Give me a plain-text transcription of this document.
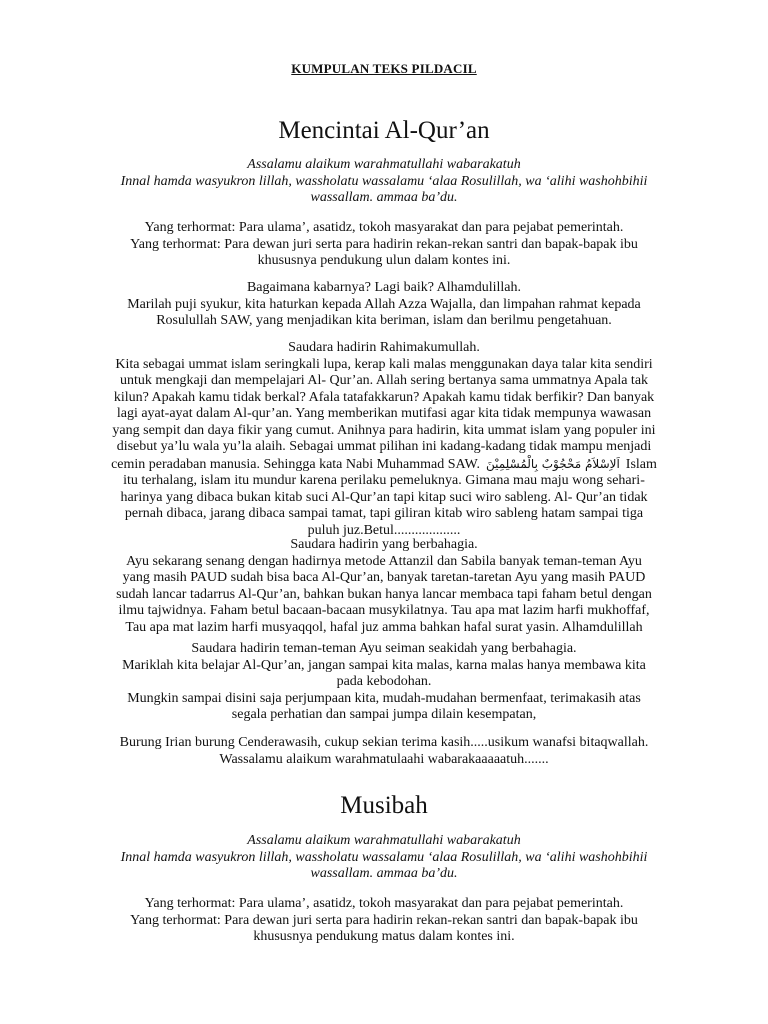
KUMPULAN TEKS PILDACIL
Mencintai Al-Qur’an

Assalamu alaikum warahmatullahi wabarakatuh

Innal hamda wasyukron lillah, wassholatu wassalamu ‘alaa Rosulillah, wa ‘alihi washohbihii

wassallam. ammaa ba’du.

Yang terhormat: Para ulama’, asatidz, tokoh masyarakat dan para pejabat pemerintah.

Yang terhormat: Para dewan juri serta para hadirin rekan-rekan santri dan bapak-bapak ibu

khususnya pendukung ulun dalam kontes ini.

Bagaimana kabarnya? Lagi baik? Alhamdulillah.

Marilah puji syukur, kita haturkan kepada Allah Azza Wajalla, dan limpahan rahmat kepada

Rosulullah SAW, yang menjadikan kita beriman, islam dan berilmu pengetahuan.

Saudara hadirin Rahimakumullah.

Kita sebagai ummat islam seringkali lupa, kerap kali malas menggunakan daya talar kita sendiri

untuk mengkaji dan mempelajari Al- Qur’an. Allah sering bertanya sama ummatnya Apala tak

kilun? Apakah kamu tidak berkal? Afala tatafakkarun? Apakah kamu tidak berfikir? Dan banyak

lagi ayat-ayat dalam Al-qur’an. Yang memberikan mutifasi agar kita tidak mempunya wawasan

yang sempit dan daya fikir yang cumut. Anihnya para hadirin, kita ummat islam yang populer ini

disebut ya’lu wala yu’la alaih. Sebagai ummat pilihan ini kadang-kadang tidak mampu menjadi

cemin peradaban manusia. Sehingga kata Nabi Muhammad SAW. اَلاِسْلاَمُ مَحْجُوْبٌ بِالْمُسْلِمِيْنَ Islam

itu terhalang, islam itu mundur karena perilaku pemeluknya. Gimana mau maju wong sehari-

harinya yang dibaca bukan kitab suci Al-Qur’an tapi kitap suci wiro sableng. Al- Qur’an tidak

pernah dibaca, jarang dibaca sampai tamat, tapi giliran kitab wiro sableng hatam sampai tiga

puluh juz.Betul...................

Saudara hadirin yang berbahagia.

Ayu sekarang senang dengan hadirnya metode Attanzil dan Sabila banyak teman-teman Ayu

yang masih PAUD sudah bisa baca Al-Qur’an, banyak taretan-taretan Ayu yang masih PAUD

sudah lancar tadarrus Al-Qur’an, bahkan bukan hanya lancar membaca tapi faham betul dengan

ilmu tajwidnya. Faham betul bacaan-bacaan musykilatnya. Tau apa mat lazim harfi mukhoffaf,

Tau apa mat lazim harfi musyaqqol, hafal juz amma bahkan hafal surat yasin. Alhamdulillah

Saudara hadirin teman-teman Ayu seiman seakidah yang berbahagia.

Mariklah kita belajar Al-Qur’an, jangan sampai kita malas, karna malas hanya membawa kita

pada kebodohan.

Mungkin sampai disini saja perjumpaan kita, mudah-mudahan bermenfaat, terimakasih atas

segala perhatian dan sampai jumpa dilain kesempatan,

Burung Irian burung Cenderawasih, cukup sekian terima kasih.....usikum wanafsi bitaqwallah.

Wassalamu alaikum warahmatulaahi wabarakaaaaatuh.......

Musibah

Assalamu alaikum warahmatullahi wabarakatuh

Innal hamda wasyukron lillah, wassholatu wassalamu ‘alaa Rosulillah, wa ‘alihi washohbihii

wassallam. ammaa ba’du.

Yang terhormat: Para ulama’, asatidz, tokoh masyarakat dan para pejabat pemerintah.

Yang terhormat: Para dewan juri serta para hadirin rekan-rekan santri dan bapak-bapak ibu

khususnya pendukung matus dalam kontes ini.
